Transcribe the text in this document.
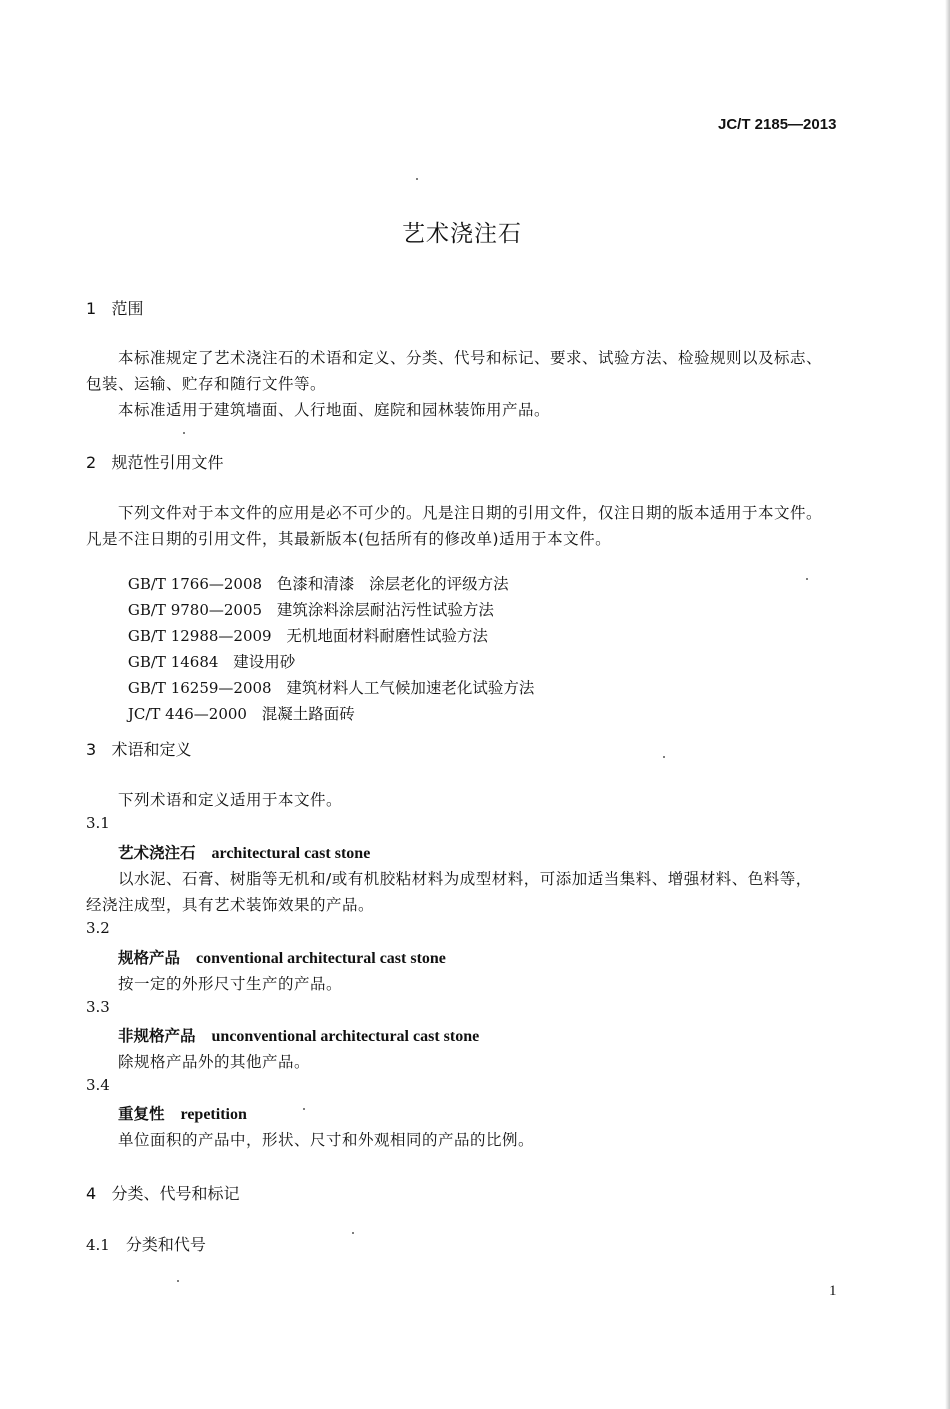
JC/T 2185—2013
艺术浇注石
1   范围
本标准规定了艺术浇注石的术语和定义、分类、代号和标记、要求、试验方法、检验规则以及标志、
包装、运输、贮存和随行文件等。
本标准适用于建筑墙面、人行地面、庭院和园林装饰用产品。
2   规范性引用文件
下列文件对于本文件的应用是必不可少的。凡是注日期的引用文件，仅注日期的版本适用于本文件。
凡是不注日期的引用文件，其最新版本(包括所有的修改单)适用于本文件。

GB/T 1766—2008 色漆和清漆   涂层老化的评级方法

GB/T 9780—2005 建筑涂料涂层耐沾污性试验方法

GB/T 12988—2009 无机地面材料耐磨性试验方法

GB/T 14684 建设用砂

GB/T 16259—2008 建筑材料人工气候加速老化试验方法

JC/T 446—2000 混凝土路面砖

3   术语和定义
下列术语和定义适用于本文件。
3.1
艺术浇注石 architectural cast stone
以水泥、石膏、树脂等无机和/或有机胶粘材料为成型材料，可添加适当集料、增强材料、色料等，
经浇注成型，具有艺术装饰效果的产品。
3.2
规格产品 conventional architectural cast stone
按一定的外形尺寸生产的产品。
3.3
非规格产品 unconventional architectural cast stone
除规格产品外的其他产品。
3.4
重复性 repetition
单位面积的产品中，形状、尺寸和外观相同的产品的比例。
4   分类、代号和标记
4.1 分类和代号
1
